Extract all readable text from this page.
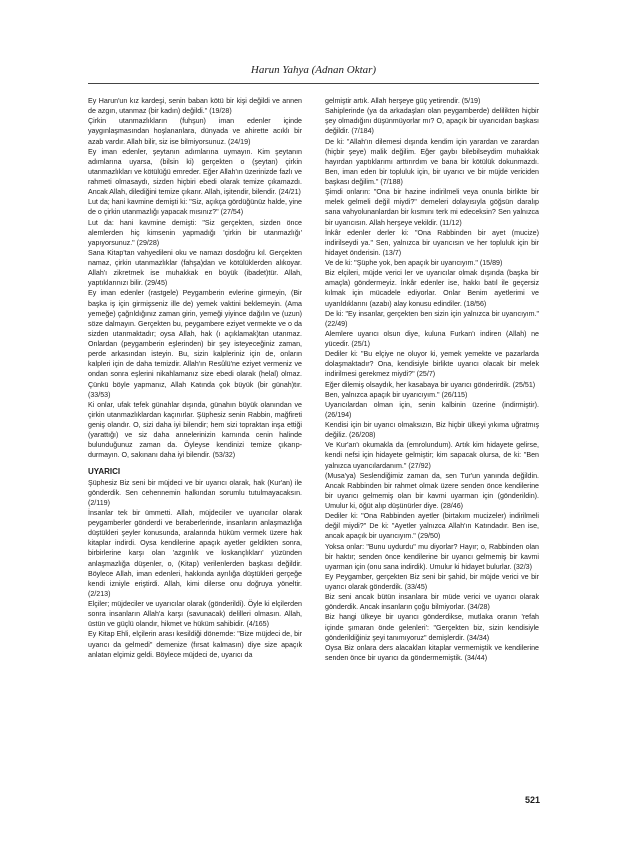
Harun Yahya (Adnan Oktar)

Ey Harun'un kız kardeşi, senin baban kötü bir kişi değildi ve annen de azgın, utanmaz (bir kadın) değildi." (19/28)

Çirkin utanmazlıkların (fuhşun) iman edenler içinde yaygınlaşmasından hoşlananlara, dünyada ve ahirette acıklı bir azab vardır. Allah bilir, siz ise bilmiyorsunuz. (24/19)

Ey iman edenler, şeytanın adımlarına uymayın. Kim şeytanın adımlarına uyarsa, (bilsin ki) gerçekten o (şeytan) çirkin utanmazlıkları ve kötülüğü emreder. Eğer Allah'ın üzerinizde fazlı ve rahmeti olmasaydı, sizden hiçbiri ebedi olarak temize çıkamazdı. Ancak Allah, dilediğini temize çıkarır. Allah, işitendir, bilendir. (24/21)

Lut da; hani kavmine demişti ki: "Siz, açıkça gördüğünüz halde, yine de o çirkin utanmazlığı yapacak mısınız?" (27/54)

Lut da: hani kavmine demişti: "Siz gerçekten, sizden önce alemlerden hiç kimsenin yapmadığı 'çirkin bir utanmazlığı' yapıyorsunuz." (29/28)

Sana Kitap'tan vahyedileni oku ve namazı dosdoğru kıl. Gerçekten namaz, çirkin utanmazlıklar (fahşa)dan ve kötülüklerden alıkoyar. Allah'ı zikretmek ise muhakkak en büyük (ibadet)tür. Allah, yaptıklarınızı bilir. (29/45)

Ey iman edenler (rastgele) Peygamberin evlerine girmeyin, (Bir başka iş için girmişseniz ille de) yemek vaktini beklemeyin. (Ama yemeğe) çağrıldığınız zaman girin, yemeği yiyince dağılın ve (uzun) söze dalmayın. Gerçekten bu, peygambere eziyet vermekte ve o da sizden utanmaktadır; oysa Allah, hak (ı açıklamak)tan utanmaz. Onlardan (peygamberin eşlerinden) bir şey isteyeceğiniz zaman, perde arkasından isteyin. Bu, sizin kalpleriniz için de, onların kalpleri için de daha temizdir. Allah'ın Resûlü'ne eziyet vermeniz ve ondan sonra eşlerini nikahlamanız size ebedi olarak (helal) olmaz. Çünkü böyle yapmanız, Allah Katında çok büyük (bir günah)tır. (33/53)

Ki onlar, ufak tefek günahlar dışında, günahın büyük olanından ve çirkin utanmazlıklardan kaçınırlar. Şüphesiz senin Rabbin, mağfireti geniş olandır. O, sizi daha iyi bilendir; hem sizi topraktan inşa ettiği (yarattığı) ve siz daha annelerinizin karnında cenin halinde bulunduğunuz zaman da. Öyleyse kendinizi temize çıkarıp-durmayın. O, sakınanı daha iyi bilendir. (53/32)

UYARICI

Şüphesiz Biz seni bir müjdeci ve bir uyarıcı olarak, hak (Kur'an) ile gönderdik. Sen cehennemin halkından sorumlu tutulmayacaksın. (2/119)

İnsanlar tek bir ümmetti. Allah, müjdeciler ve uyarıcılar olarak peygamberler gönderdi ve beraberlerinde, insanların anlaşmazlığa düştükleri şeyler konusunda, aralarında hüküm vermek üzere hak kitaplar indirdi. Oysa kendilerine apaçık ayetler geldikten sonra, birbirlerine karşı olan 'azgınlık ve kıskançlıkları' yüzünden anlaşmazlığa düşenler, o, (Kitap) verilenlerden başkası değildir. Böylece Allah, iman edenleri, hakkında ayrılığa düştükleri gerçeğe kendi izniyle eriştirdi. Allah, kimi dilerse onu doğruya yöneltir. (2/213)

Elçiler; müjdeciler ve uyarıcılar olarak (gönderildi). Öyle ki elçilerden sonra insanların Allah'a karşı (savunacak) delilleri olmasın. Allah, üstün ve güçlü olandır, hikmet ve hüküm sahibidir. (4/165)

Ey Kitap Ehli, elçilerin arası kesildiği dönemde: "Bize müjdeci de, bir uyarıcı da gelmedi" demenize (fırsat kalmasın) diye size apaçık anlatan elçimiz geldi. Böylece müjdeci de, uyarıcı da

gelmiştir artık. Allah herşeye güç yetirendir. (5/19)

Sahiplerinde (ya da arkadaşları olan peygamberde) delilikten hiçbir şey olmadığını düşünmüyorlar mı? O, apaçık bir uyarıcıdan başkası değildir. (7/184)

De ki: "Allah'ın dilemesi dışında kendim için yarardan ve zarardan (hiçbir şeye) malik değilim. Eğer gaybı bilebilseydim muhakkak hayırdan yaptıklarımı arttırırdım ve bana bir kötülük dokunmazdı. Ben, iman eden bir topluluk için, bir uyarıcı ve bir müjde vericiden başkası değilim." (7/188)

Şimdi onların: "Ona bir hazine indirilmeli veya onunla birlikte bir melek gelmeli değil miydi?" demeleri dolayısıyla göğsün daralıp sana vahyolunanlardan bir kısmını terk mi edeceksin? Sen yalnızca bir uyarıcısın. Allah herşeye vekildir. (11/12)

İnkâr edenler derler ki: "Ona Rabbinden bir ayet (mucize) indirilseydi ya." Sen, yalnızca bir uyarıcısın ve her topluluk için bir hidayet önderisin. (13/7)

Ve de ki: "Şüphe yok, ben apaçık bir uyarıcıyım." (15/89)

Biz elçileri, müjde verici ler ve uyarıcılar olmak dışında (başka bir amaçla) göndermeyiz. İnkâr edenler ise, hakkı batıl ile geçersiz kılmak için mücadele ediyorlar. Onlar Benim ayetlerimi ve uyarıldıklarını (azabı) alay konusu edindiler. (18/56)

De ki: "Ey insanlar, gerçekten ben sizin için yalnızca bir uyarıcıyım." (22/49)

Alemlere uyarıcı olsun diye, kuluna Furkan'ı indiren (Allah) ne yücedir. (25/1)

Dediler ki: "Bu elçiye ne oluyor ki, yemek yemekte ve pazarlarda dolaşmaktadır? Ona, kendisiyle birlikte uyarıcı olacak bir melek indirilmesi gerekmez miydi?" (25/7)

Eğer dilemiş olsaydık, her kasabaya bir uyarıcı gönderirdik. (25/51)

Ben, yalnızca apaçık bir uyarıcıyım." (26/115)

Uyarıcılardan olman için, senin kalbinin üzerine (indirmiştir). (26/194)

Kendisi için bir uyarıcı olmaksızın, Biz hiçbir ülkeyi yıkıma uğratmış değiliz. (26/208)

Ve Kur'an'ı okumakla da (emrolundum). Artık kim hidayete gelirse, kendi nefsi için hidayete gelmiştir; kim sapacak olursa, de ki: "Ben yalnızca uyarıcılardanım." (27/92)

(Musa'ya) Seslendiğimiz zaman da, sen Tur'un yanında değildin. Ancak Rabbinden bir rahmet olmak üzere senden önce kendilerine bir uyarıcı gelmemiş olan bir kavmi uyarman için (gönderildin). Umulur ki, öğüt alıp düşünürler diye. (28/46)

Dediler ki: "Ona Rabbinden ayetler (birtakım mucizeler) indirilmeli değil miydi?" De ki: "Ayetler yalnızca Allah'ın Katındadır. Ben ise, ancak apaçık bir uyarıcıyım." (29/50)

Yoksa onlar: "Bunu uydurdu" mu diyorlar? Hayır; o, Rabbinden olan bir haktır; senden önce kendilerine bir uyarıcı gelmemiş bir kavmi uyarman için (onu sana indirdik). Umulur ki hidayet bulurlar. (32/3)

Ey Peygamber, gerçekten Biz seni bir şahid, bir müjde verici ve bir uyarıcı olarak gönderdik. (33/45)

Biz seni ancak bütün insanlara bir müde verici ve uyarıcı olarak gönderdik. Ancak insanların çoğu bilmiyorlar. (34/28)

Biz hangi ülkeye bir uyarıcı gönderdikse, mutlaka oranın 'refah içinde şımaran önde gelenleri': "Gerçekten biz, sizin kendisiyle gönderildiğiniz şeyi tanımıyoruz" demişlerdir. (34/34)

Oysa Biz onlara ders alacakları kitaplar vermemiştik ve kendilerine senden önce bir uyarıcı da göndermemiştik. (34/44)

521
